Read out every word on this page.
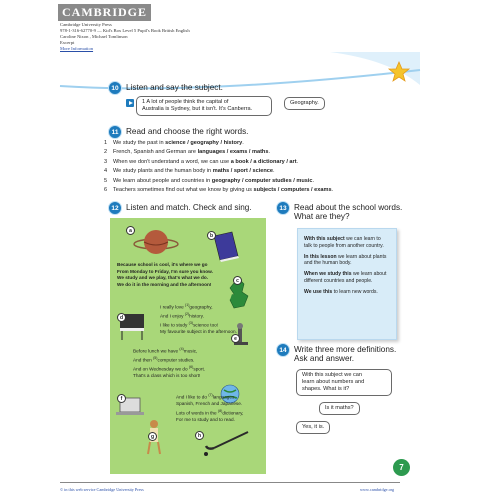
CAMBRIDGE
Cambridge University Press
978-1-316-62770-9 — Kid's Box Level 5 Pupil's Book British English
Caroline Nixon , Michael Tomlinson
Excerpt
More Information
10 Listen and say the subject.
1 A lot of people think the capital of
Australia is Sydney, but it isn't. It's Canberra.
Geography.
11 Read and choose the right words.
1 We study the past in science / geography / history.
2 French, Spanish and German are languages / exams / maths.
3 When we don't understand a word, we can use a book / a dictionary / art.
4 We study plants and the human body in maths / sport / science.
5 We learn about people and countries in geography / computer studies / music.
6 Teachers sometimes find out what we know by giving us subjects / computers / exams.
12 Listen and match. Check and sing.
a
b
c
d
e
f
g	h
Because school is cool, it's where we go
From Monday to Friday, I'm sure you know.
We study and we play, that's what we do.
We do it in the morning and the afternoon!
I really love $^{(1)}$geography,
And I enjoy $^{(2)}$history.
I like to study $^{(3)}$science too!
My favourite subject in the afternoon.
Before lunch we have $^{(4)}$music,
And then $^{(5)}$computer studies.
And on Wednesday we do $^{(6)}$sport.
That's a class which is too short!
And I like to do $^{(7)}$languages,
Spanish, French and Japanese.
Lots of words in the $^{(8)}$dictionary,
For me to study and to read.
13 Read about the school words.
What are they?

With this subject we can learn to talk to people from another country.

In this lesson we learn about plants and the human body.

When we study this we learn about different countries and people.

We use this to learn new words.

14 Write three more definitions.
Ask and answer.
With this subject we can
learn about numbers and
shapes. What is it?
Is it maths?
Yes, it is.
7
© in this web service Cambridge University Press	www.cambridge.org
